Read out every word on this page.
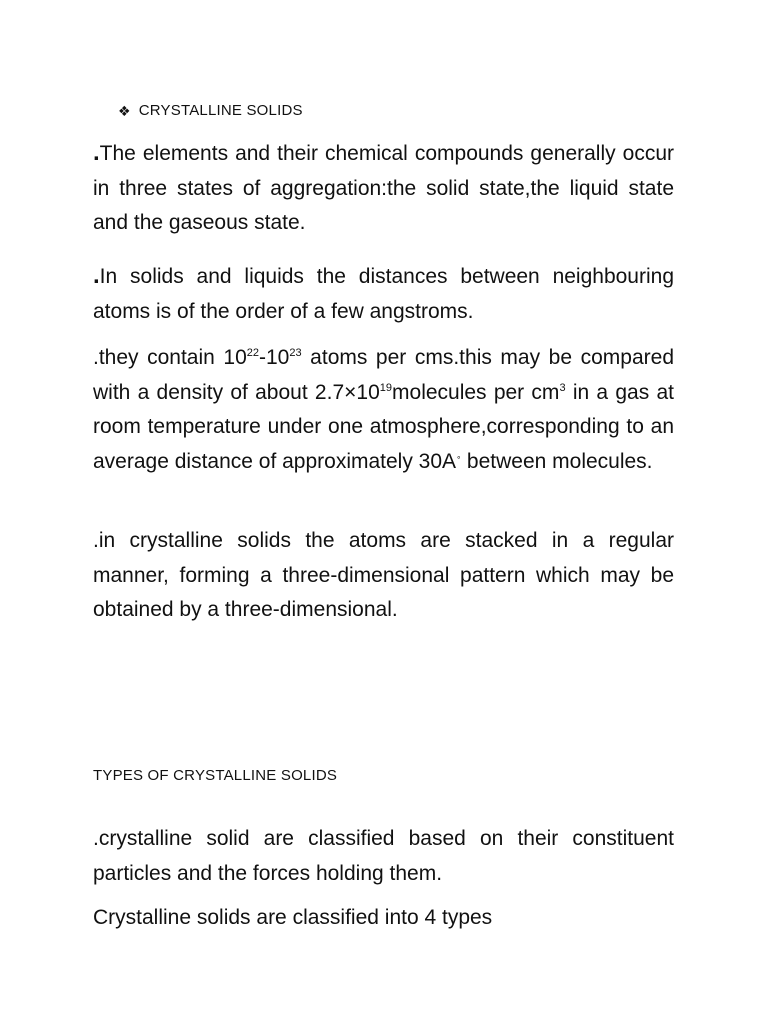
❖ CRYSTALLINE SOLIDS

.The elements and their chemical compounds generally occur in three states of aggregation:the solid state,the liquid state and the gaseous state.

.In solids and liquids the distances between neighbouring atoms is of the order of a few angstroms.

.they contain $10^{22}-10^{23}$ atoms per cms.this may be compared with a density of about $2.7\times 10^{19}molecules$ per $cm^3$ in a gas at room temperature under one atmosphere,corresponding to an average distance of approximately 30A∘ between molecules.

.in crystalline solids the atoms are stacked in a regular manner, forming a three-dimensional pattern which may be obtained by a three-dimensional.

TYPES OF CRYSTALLINE SOLIDS

.crystalline solid are classified based on their constituent particles and the forces holding them.

Crystalline solids are classified into 4 types
